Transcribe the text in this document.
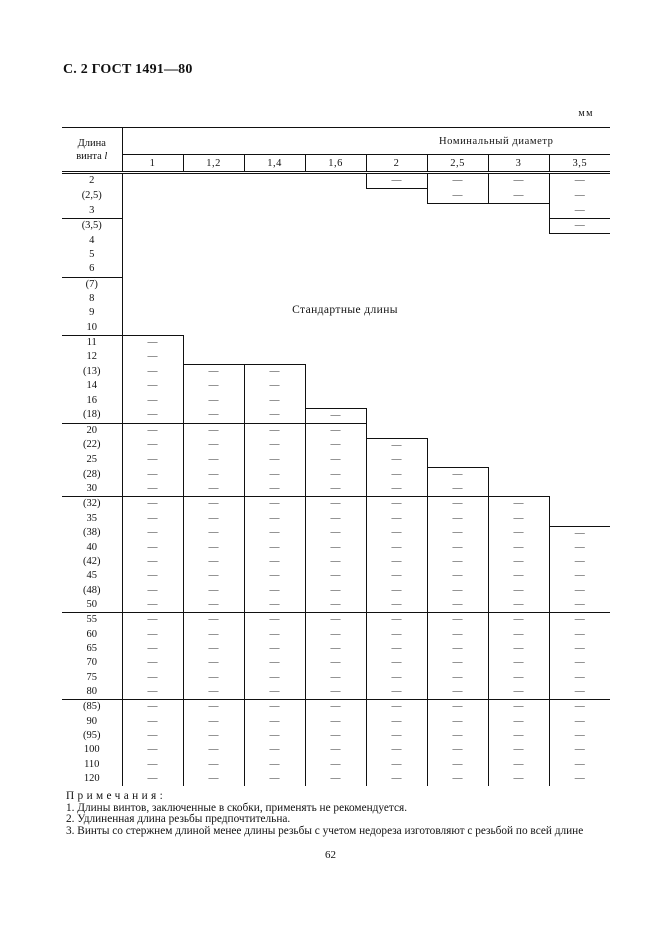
С. 2 ГОСТ 1491—80
мм
Длина
винта l	Номинальный диаметр							
	1	1,2	1,4	1,6	2	2,5	3	3,5
2					—	—	—	—
(2,5)						—	—	—
3								—
(3,5)								—
4								
5								
6								
(7)								
8								
9								
10								
11	—							
12	—							
(13)	—	—	—					
14	—	—	—					
16	—	—	—					
(18)	—	—	—	—				
20	—	—	—	—				
(22)	—	—	—	—	—			
25	—	—	—	—	—			
(28)	—	—	—	—	—	—		
30	—	—	—	—	—	—		
(32)	—	—	—	—	—	—	—	
35	—	—	—	—	—	—	—	
(38)	—	—	—	—	—	—	—	—
40	—	—	—	—	—	—	—	—
(42)	—	—	—	—	—	—	—	—
45	—	—	—	—	—	—	—	—
(48)	—	—	—	—	—	—	—	—
50	—	—	—	—	—	—	—	—
55	—	—	—	—	—	—	—	—
60	—	—	—	—	—	—	—	—
65	—	—	—	—	—	—	—	—
70	—	—	—	—	—	—	—	—
75	—	—	—	—	—	—	—	—
80	—	—	—	—	—	—	—	—
(85)	—	—	—	—	—	—	—	—
90	—	—	—	—	—	—	—	—
(95)	—	—	—	—	—	—	—	—
100	—	—	—	—	—	—	—	—
110	—	—	—	—	—	—	—	—
120	—	—	—	—	—	—	—	—
Стандартные длины
Примечания:
1. Длины винтов, заключенные в скобки, применять не рекомендуется.
2. Удлиненная длина резьбы предпочтительна.
3. Винты со стержнем длиной менее длины резьбы с учетом недореза изготовляют с резьбой по всей длине
62
